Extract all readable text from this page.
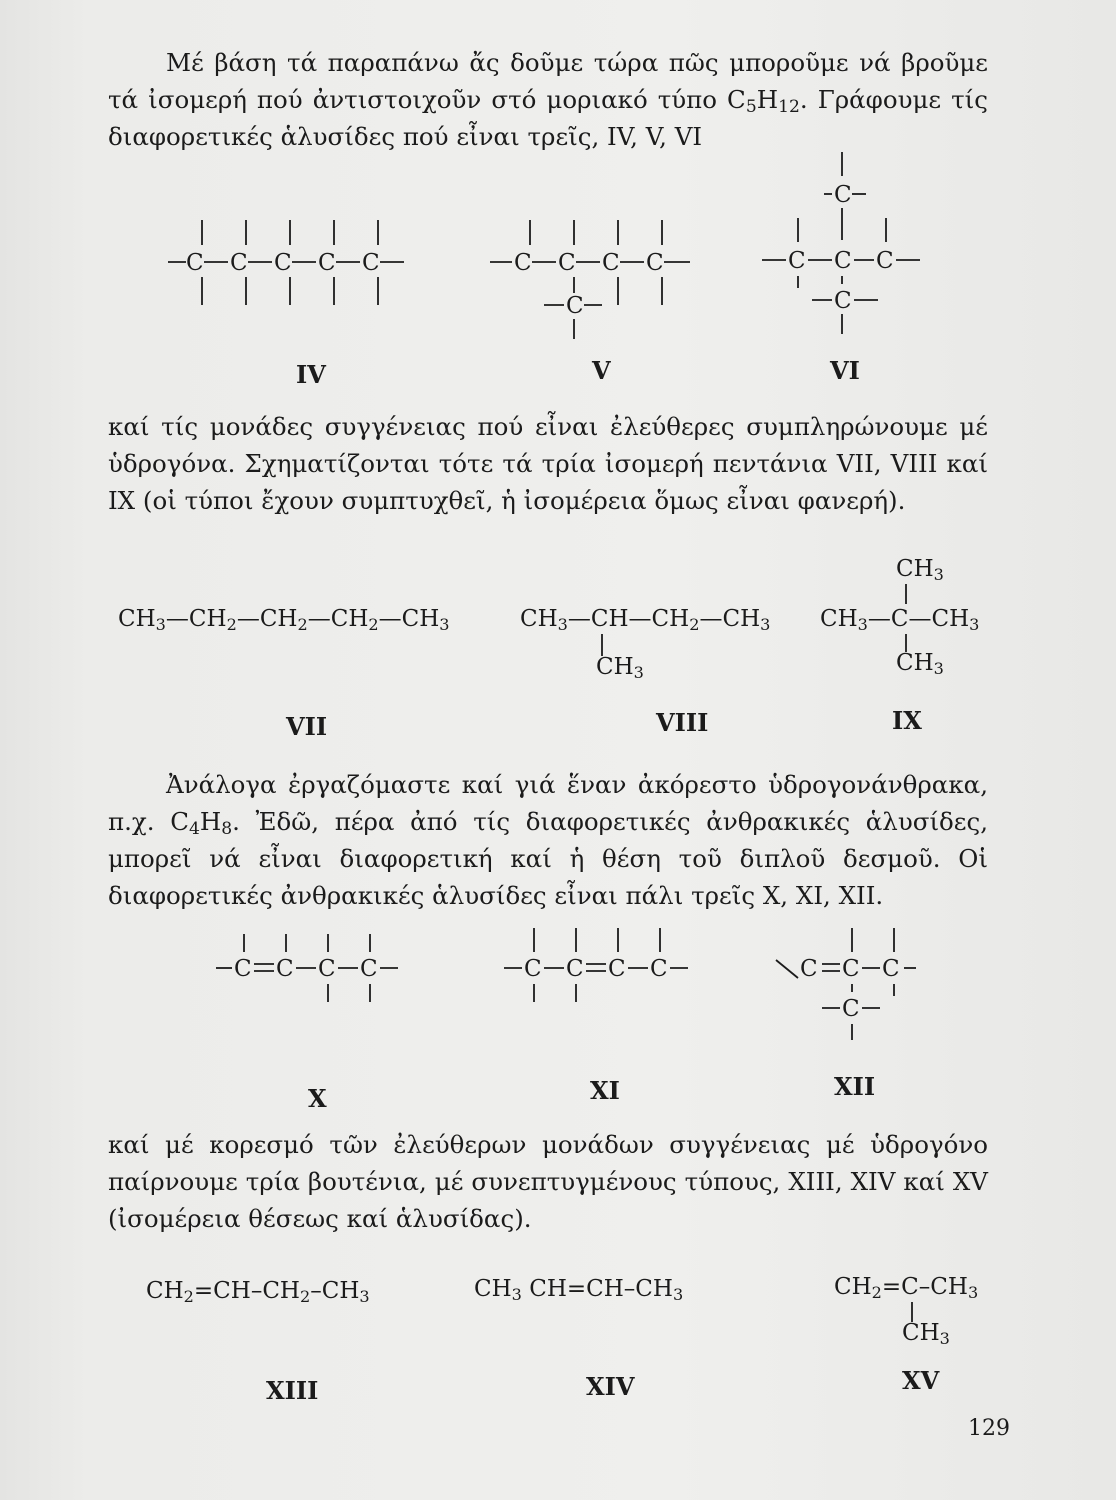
Μέ βάση τά παραπάνω ἄς δοῦμε τώρα πῶς μποροῦμε νά βροῦμε τά ἰσομερή πού ἀντιστοιχοῦν στό μοριακό τύπο $C_5H_{12}$. Γράφουμε τίς διαφορετικές ἁλυσίδες πού εἶναι τρεῖς, IV, V, VI

C C C C C	C C C C
C
C
C C C
C
IV	V	VI

καί τίς μονάδες συγγένειας πού εἶναι ἐλεύθερες συμπληρώνουμε μέ ὑδρογόνα. Σχηματίζονται τότε τά τρία ἰσομερή πεντάνια VII, VIII καί IX (οἱ τύποι ἔχουν συμπτυχθεῖ, ἡ ἰσομέρεια ὅμως εἶναι φανερή).

$CH_3—CH_2—CH_2—CH_2—CH_3$	$CH_3—CH—CH_2—CH_3$
$CH_3$
$CH_3$
$CH_3—C—CH_3$
$CH_3$
VII	VIII	IX

Ἀνάλογα ἐργαζόμαστε καί γιά ἕναν ἀκόρεστο ὑδρογονάνθρακα, π.χ. $C_4H_8$. Ἐδῶ, πέρα ἀπό τίς διαφορετικές ἀνθρακικές ἁλυσίδες, μπορεῖ νά εἶναι διαφορετική καί ἡ θέση τοῦ διπλοῦ δεσμοῦ. Οἱ διαφορετικές ἀνθρακικές ἁλυσίδες εἶναι πάλι τρεῖς X, XI, XII.

C C C C	C C C C	C C C
C
X	XI	XII

καί μέ κορεσμό τῶν ἐλεύθερων μονάδων συγγένειας μέ ὑδρογόνο παίρνουμε τρία βουτένια, μέ συνεπτυγμένους τύπους, XIII, XIV καί XV (ἰσομέρεια θέσεως καί ἁλυσίδας).

$CH_2=CH-CH_2-CH_3$	$CH_3$ $CH=CH-CH_3$	$CH_2=C-CH_3$
$CH_3$
XIII	XIV	XV
129
